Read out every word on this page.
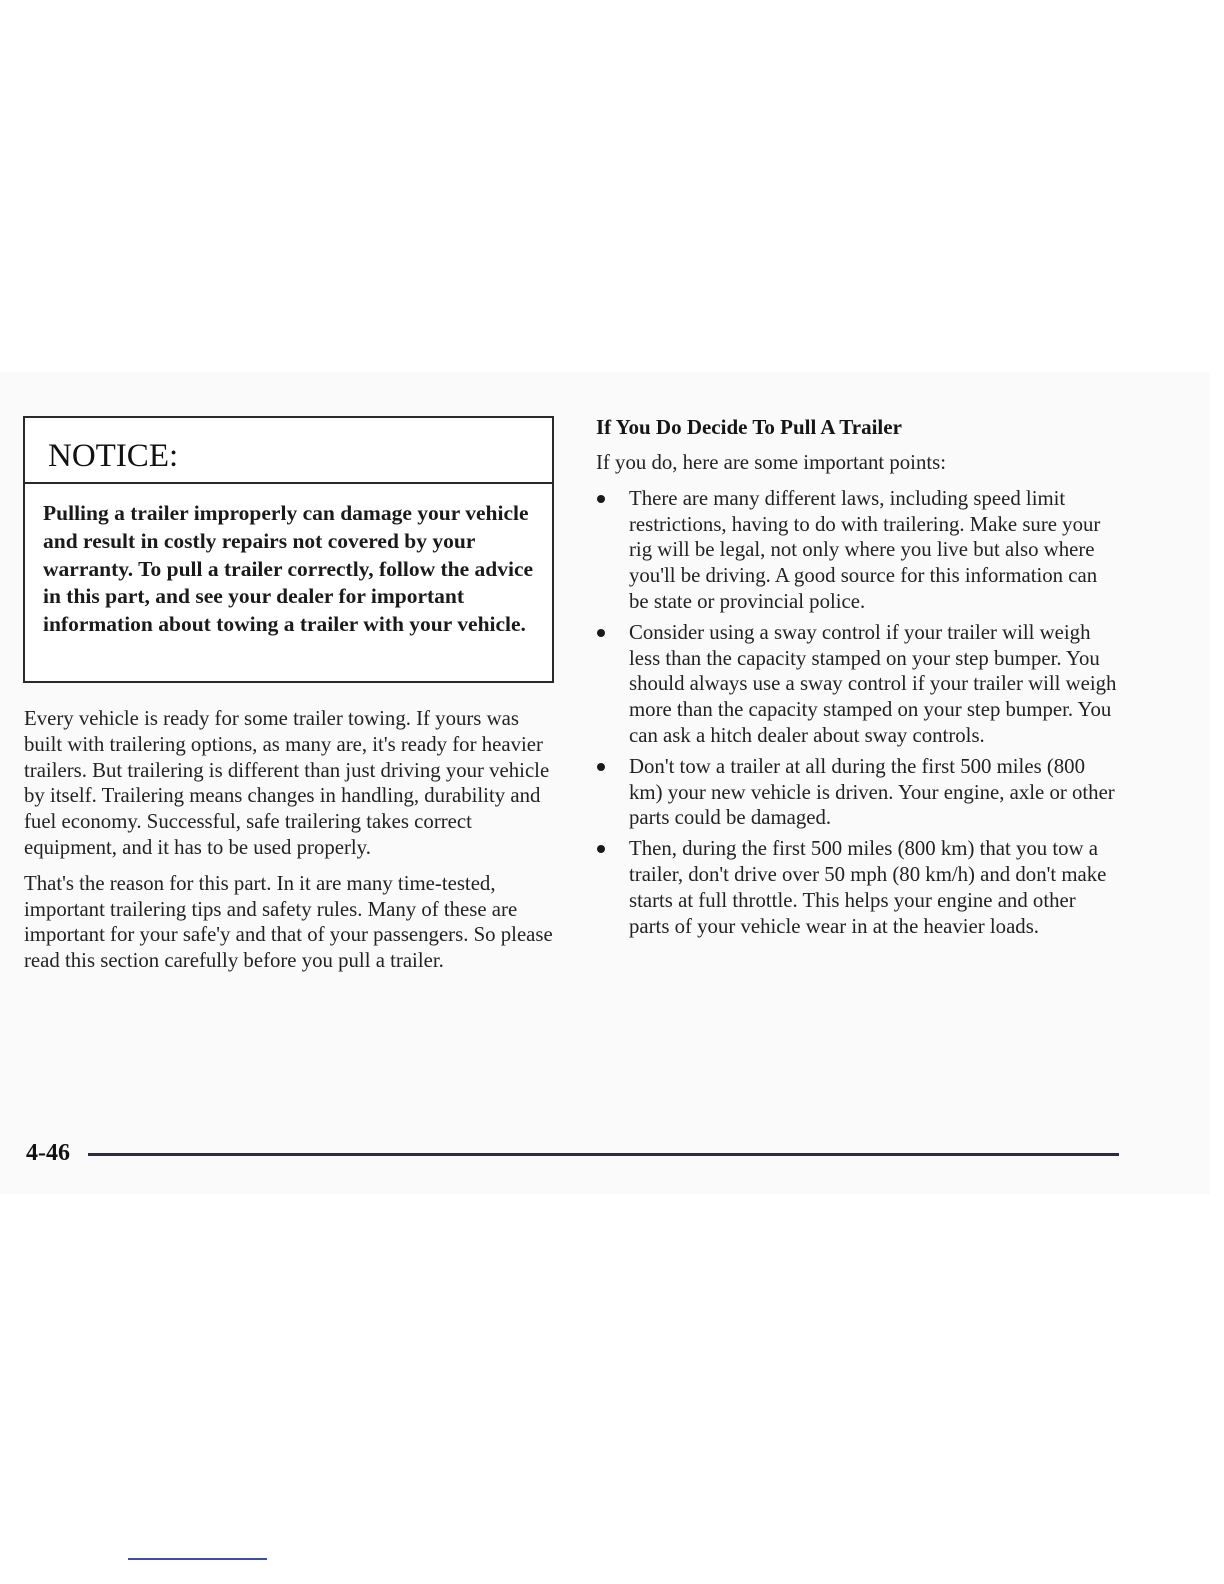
NOTICE:

Pulling a trailer improperly can damage your vehicle and result in costly repairs not covered by your warranty. To pull a trailer correctly, follow the advice in this part, and see your dealer for important information about towing a trailer with your vehicle.

Every vehicle is ready for some trailer towing. If yours was built with trailering options, as many are, it's ready for heavier trailers. But trailering is different than just driving your vehicle by itself. Trailering means changes in handling, durability and fuel economy. Successful, safe trailering takes correct equipment, and it has to be used properly.

That's the reason for this part. In it are many time-tested, important trailering tips and safety rules. Many of these are important for your safe'y and that of your passengers. So please read this section carefully before you pull a trailer.

If You Do Decide To Pull A Trailer

If you do, here are some important points:

There are many different laws, including speed limit restrictions, having to do with trailering. Make sure your rig will be legal, not only where you live but also where you'll be driving. A good source for this information can be state or provincial police.
Consider using a sway control if your trailer will weigh less than the capacity stamped on your step bumper. You should always use a sway control if your trailer will weigh more than the capacity stamped on your step bumper. You can ask a hitch dealer about sway controls.
Don't tow a trailer at all during the first 500 miles (800 km) your new vehicle is driven. Your engine, axle or other parts could be damaged.
Then, during the first 500 miles (800 km) that you tow a trailer, don't drive over 50 mph (80 km/h) and don't make starts at full throttle. This helps your engine and other parts of your vehicle wear in at the heavier loads.

4-46
